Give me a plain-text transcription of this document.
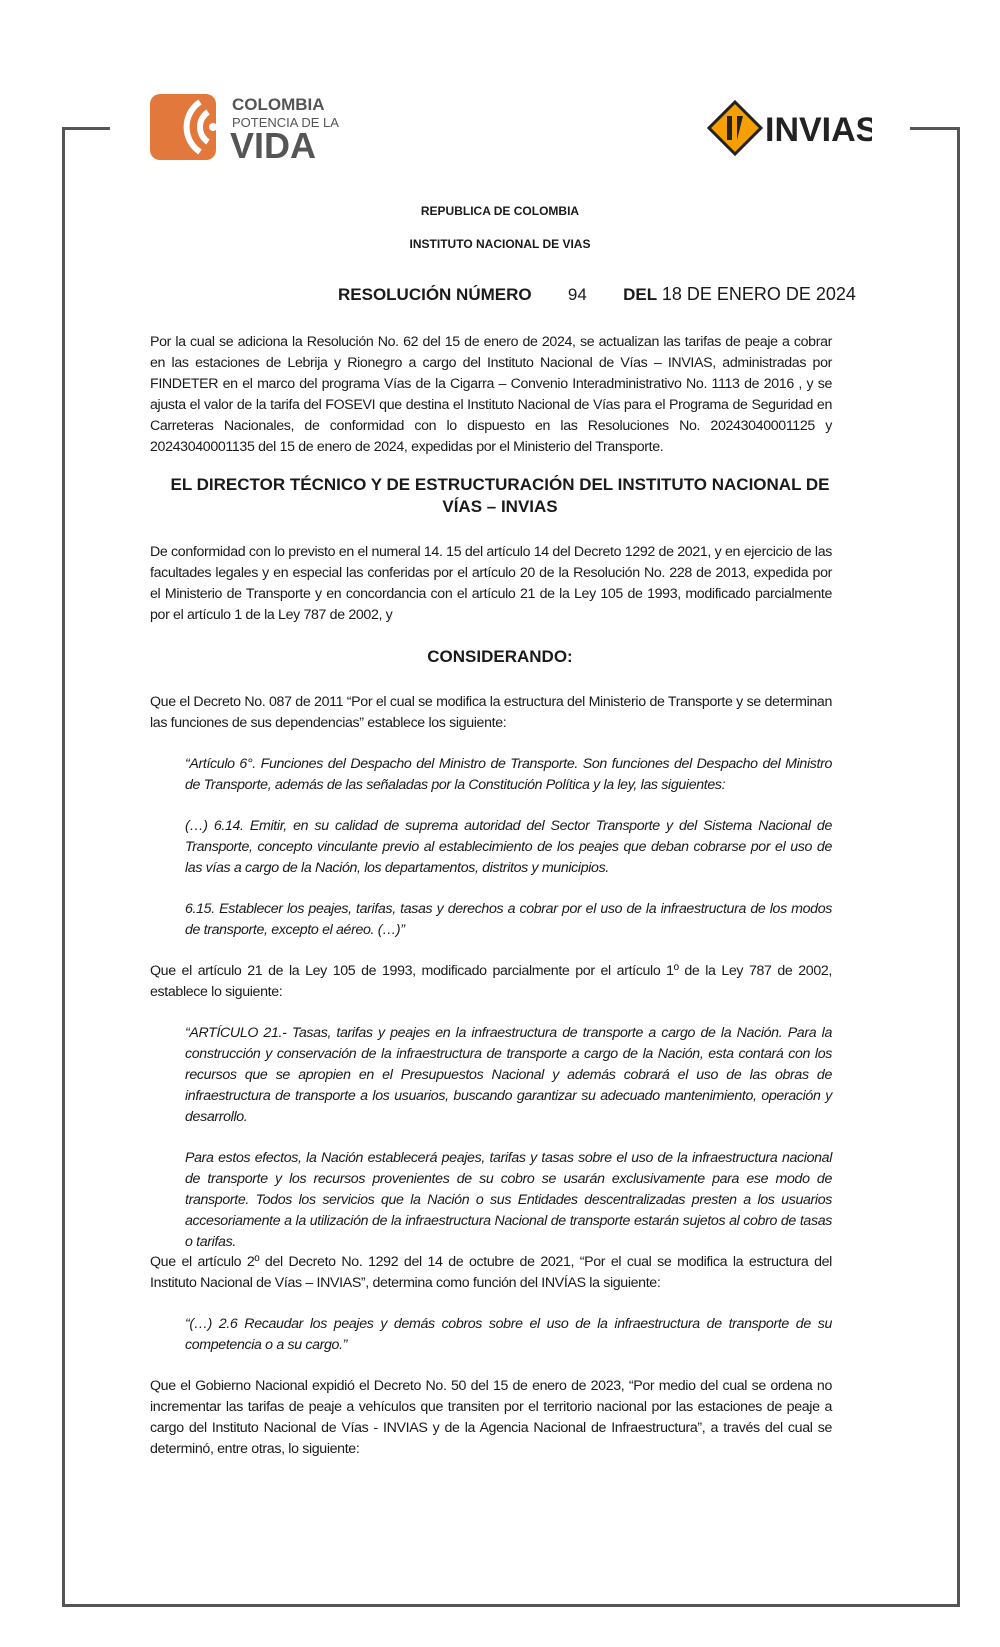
COLOMBIA
POTENCIA DE LA
VIDA	INVIAS
REPUBLICA DE COLOMBIA
INSTITUTO NACIONAL DE VIAS
RESOLUCIÓN NÚMERO 94 DEL 18 DE ENERO DE 2024
Por la cual se adiciona la Resolución No. 62 del 15 de enero de 2024, se actualizan las tarifas de peaje a cobrar en las estaciones de Lebrija y Rionegro a cargo del Instituto Nacional de Vías – INVIAS, administradas por FINDETER en el marco del programa Vías de la Cigarra – Convenio Interadministrativo No. 1113 de 2016 , y se ajusta el valor de la tarifa del FOSEVI que destina el Instituto Nacional de Vías para el Programa de Seguridad en Carreteras Nacionales, de conformidad con lo dispuesto en las Resoluciones No. 20243040001125 y 20243040001135 del 15 de enero de 2024, expedidas por el Ministerio del Transporte.
EL DIRECTOR TÉCNICO Y DE ESTRUCTURACIÓN DEL INSTITUTO NACIONAL DE
VÍAS – INVIAS
De conformidad con lo previsto en el numeral 14. 15 del artículo 14 del Decreto 1292 de 2021, y en ejercicio de las facultades legales y en especial las conferidas por el artículo 20 de la Resolución No. 228 de 2013, expedida por el Ministerio de Transporte y en concordancia con el artículo 21 de la Ley 105 de 1993, modificado parcialmente por el artículo 1 de la Ley 787 de 2002, y
CONSIDERANDO:
Que el Decreto No. 087 de 2011 “Por el cual se modifica la estructura del Ministerio de Transporte y se determinan las funciones de sus dependencias” establece los siguiente:
“Artículo 6°. Funciones del Despacho del Ministro de Transporte. Son funciones del Despacho del Ministro de Transporte, además de las señaladas por la Constitución Política y la ley, las siguientes:
(…) 6.14. Emitir, en su calidad de suprema autoridad del Sector Transporte y del Sistema Nacional de Transporte, concepto vinculante previo al establecimiento de los peajes que deban cobrarse por el uso de las vías a cargo de la Nación, los departamentos, distritos y municipios.
6.15. Establecer los peajes, tarifas, tasas y derechos a cobrar por el uso de la infraestructura de los modos de transporte, excepto el aéreo. (…)”
Que el artículo 21 de la Ley 105 de 1993, modificado parcialmente por el artículo 1º de la Ley 787 de 2002, establece lo siguiente:
“ARTÍCULO 21.- Tasas, tarifas y peajes en la infraestructura de transporte a cargo de la Nación. Para la construcción y conservación de la infraestructura de transporte a cargo de la Nación, esta contará con los recursos que se apropien en el Presupuestos Nacional y además cobrará el uso de las obras de infraestructura de transporte a los usuarios, buscando garantizar su adecuado mantenimiento, operación y desarrollo.
Para estos efectos, la Nación establecerá peajes, tarifas y tasas sobre el uso de la infraestructura nacional de transporte y los recursos provenientes de su cobro se usarán exclusivamente para ese modo de transporte. Todos los servicios que la Nación o sus Entidades descentralizadas presten a los usuarios accesoriamente a la utilización de la infraestructura Nacional de transporte estarán sujetos al cobro de tasas o tarifas.
Que el artículo 2º del Decreto No. 1292 del 14 de octubre de 2021, “Por el cual se modifica la estructura del Instituto Nacional de Vías – INVIAS”, determina como función del INVÍAS la siguiente:
“(…) 2.6 Recaudar los peajes y demás cobros sobre el uso de la infraestructura de transporte de su competencia o a su cargo.”
Que el Gobierno Nacional expidió el Decreto No. 50 del 15 de enero de 2023, “Por medio del cual se ordena no incrementar las tarifas de peaje a vehículos que transiten por el territorio nacional por las estaciones de peaje a cargo del Instituto Nacional de Vías - INVIAS y de la Agencia Nacional de Infraestructura”, a través del cual se determinó, entre otras, lo siguiente:
